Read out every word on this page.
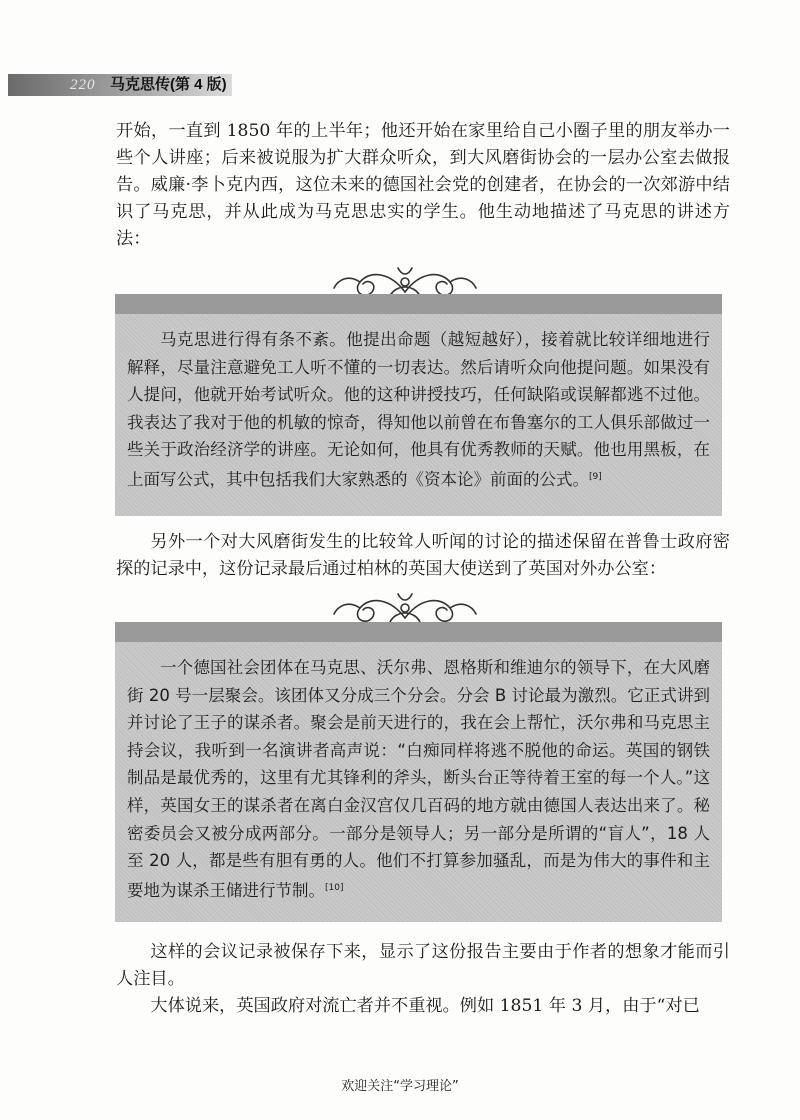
220 马克思传(第 4 版)

开始，一直到 1850 年的上半年；他还开始在家里给自己小圈子里的朋友举办一些个人讲座；后来被说服为扩大群众听众，到大风磨街协会的一层办公室去做报告。威廉·李卜克内西，这位未来的德国社会党的创建者，在协会的一次郊游中结识了马克思，并从此成为马克思忠实的学生。他生动地描述了马克思的讲述方法：

马克思进行得有条不紊。他提出命题（越短越好），接着就比较详细地进行解释，尽量注意避免工人听不懂的一切表达。然后请听众向他提问题。如果没有人提问，他就开始考试听众。他的这种讲授技巧，任何缺陷或误解都逃不过他。我表达了我对于他的机敏的惊奇，得知他以前曾在布鲁塞尔的工人俱乐部做过一些关于政治经济学的讲座。无论如何，他具有优秀教师的天赋。他也用黑板，在上面写公式，其中包括我们大家熟悉的《资本论》前面的公式。[9]

另外一个对大风磨街发生的比较耸人听闻的讨论的描述保留在普鲁士政府密探的记录中，这份记录最后通过柏林的英国大使送到了英国对外办公室：

一个德国社会团体在马克思、沃尔弗、恩格斯和维迪尔的领导下，在大风磨街 20 号一层聚会。该团体又分成三个分会。分会 B 讨论最为激烈。它正式讲到并讨论了王子的谋杀者。聚会是前天进行的，我在会上帮忙，沃尔弗和马克思主持会议，我听到一名演讲者高声说：“白痴同样将逃不脱他的命运。英国的钢铁制品是最优秀的，这里有尤其锋利的斧头，断头台正等待着王室的每一个人。”这样，英国女王的谋杀者在离白金汉宫仅几百码的地方就由德国人表达出来了。秘密委员会又被分成两部分。一部分是领导人；另一部分是所谓的“盲人”，18 人至 20 人，都是些有胆有勇的人。他们不打算参加骚乱，而是为伟大的事件和主要地为谋杀王储进行节制。[10]

这样的会议记录被保存下来，显示了这份报告主要由于作者的想象才能而引人注目。

大体说来，英国政府对流亡者并不重视。例如 1851 年 3 月，由于“对已

欢迎关注“学习理论”
